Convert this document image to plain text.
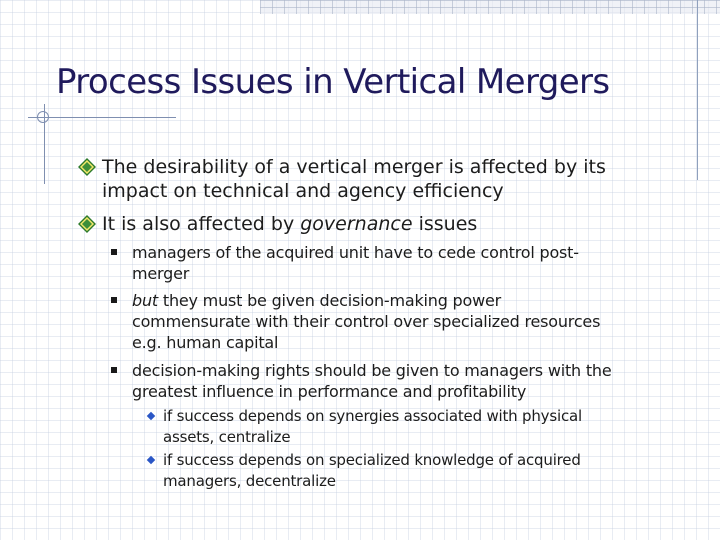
Process Issues in Vertical Mergers
The desirability of a vertical merger is affected by its
impact on technical and agency efficiency
It is also affected by governance issues
managers of the acquired unit have to cede control post-
merger
but they must be given decision-making power
commensurate with their control over specialized resources
e.g. human capital
decision-making rights should be given to managers with the
greatest influence in performance and profitability
if success depends on synergies associated with physical
assets, centralize
if success depends on specialized knowledge of acquired
managers, decentralize
